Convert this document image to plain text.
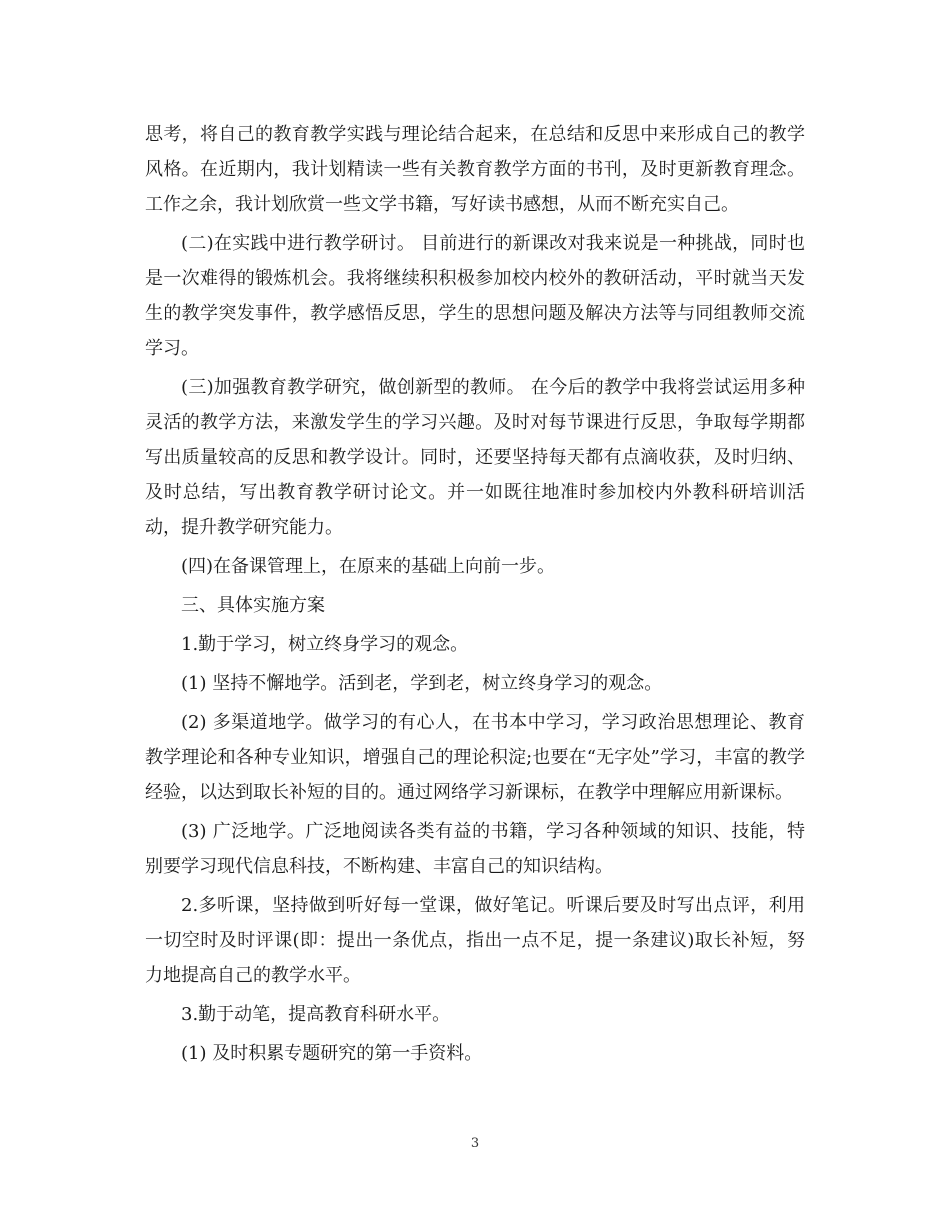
思考，将自己的教育教学实践与理论结合起来，在总结和反思中来形成自己的教学风格。在近期内，我计划精读一些有关教育教学方面的书刊，及时更新教育理念。工作之余，我计划欣赏一些文学书籍，写好读书感想，从而不断充实自己。

(二)在实践中进行教学研讨。 目前进行的新课改对我来说是一种挑战，同时也是一次难得的锻炼机会。我将继续积积极参加校内校外的教研活动，平时就当天发生的教学突发事件，教学感悟反思，学生的思想问题及解决方法等与同组教师交流学习。

(三)加强教育教学研究，做创新型的教师。 在今后的教学中我将尝试运用多种灵活的教学方法，来激发学生的学习兴趣。及时对每节课进行反思，争取每学期都写出质量较高的反思和教学设计。同时，还要坚持每天都有点滴收获，及时归纳、及时总结，写出教育教学研讨论文。并一如既往地准时参加校内外教科研培训活动，提升教学研究能力。

(四)在备课管理上，在原来的基础上向前一步。

三、具体实施方案

1.勤于学习，树立终身学习的观念。

(1) 坚持不懈地学。活到老，学到老，树立终身学习的观念。

(2) 多渠道地学。做学习的有心人，在书本中学习，学习政治思想理论、教育教学理论和各种专业知识，增强自己的理论积淀;也要在“无字处”学习，丰富的教学经验，以达到取长补短的目的。通过网络学习新课标，在教学中理解应用新课标。

(3) 广泛地学。广泛地阅读各类有益的书籍，学习各种领域的知识、技能，特别要学习现代信息科技，不断构建、丰富自己的知识结构。

2.多听课，坚持做到听好每一堂课，做好笔记。听课后要及时写出点评，利用一切空时及时评课(即：提出一条优点，指出一点不足，提一条建议)取长补短，努力地提高自己的教学水平。

3.勤于动笔，提高教育科研水平。

(1) 及时积累专题研究的第一手资料。

3
